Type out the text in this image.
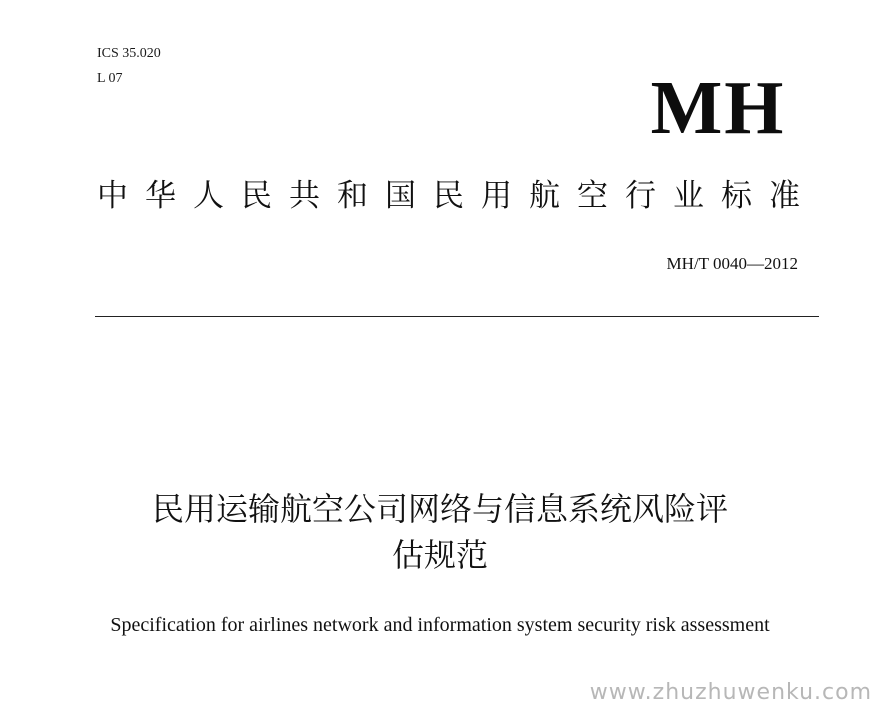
ICS 35.020
L 07	MH
中华人民共和国民用航空行业标准
MH/T 0040—2012
民用运输航空公司网络与信息系统风险评
估规范
Specification for airlines network and information system security risk assessment
www.zhuzhuwenku.com
